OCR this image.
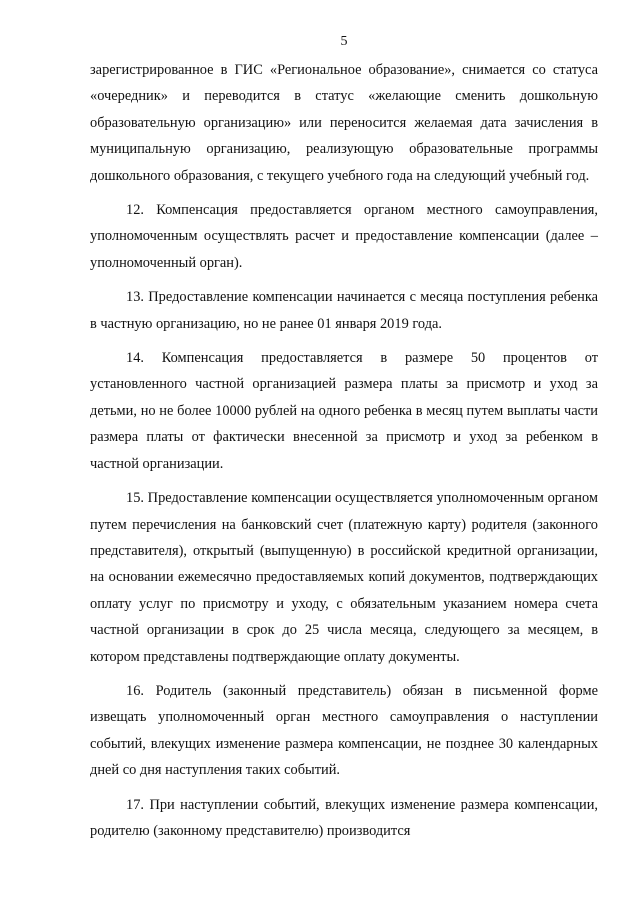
5

зарегистрированное в ГИС «Региональное образование», снимается со статуса «очередник» и переводится в статус «желающие сменить дошкольную образовательную организацию» или переносится желаемая дата зачисления в муниципальную организацию, реализующую образовательные программы дошкольного образования, с текущего учебного года на следующий учебный год.

12. Компенсация предоставляется органом местного самоуправления, уполномоченным осуществлять расчет и предоставление компенсации (далее – уполномоченный орган).

13. Предоставление компенсации начинается с месяца поступления ребенка в частную организацию, но не ранее 01 января 2019 года.

14. Компенсация предоставляется в размере 50 процентов от установленного частной организацией размера платы за присмотр и уход за детьми, но не более 10000 рублей на одного ребенка в месяц путем выплаты части размера платы от фактически внесенной за присмотр и уход за ребенком в частной организации.

15. Предоставление компенсации осуществляется уполномоченным органом путем перечисления на банковский счет (платежную карту) родителя (законного представителя), открытый (выпущенную) в российской кредитной организации, на основании ежемесячно предоставляемых копий документов, подтверждающих оплату услуг по присмотру и уходу, с обязательным указанием номера счета частной организации в срок до 25 числа месяца, следующего за месяцем, в котором представлены подтверждающие оплату документы.

16. Родитель (законный представитель) обязан в письменной форме извещать уполномоченный орган местного самоуправления о наступлении событий, влекущих изменение размера компенсации, не позднее 30 календарных дней со дня наступления таких событий.

17. При наступлении событий, влекущих изменение размера компенсации, родителю (законному представителю) производится
